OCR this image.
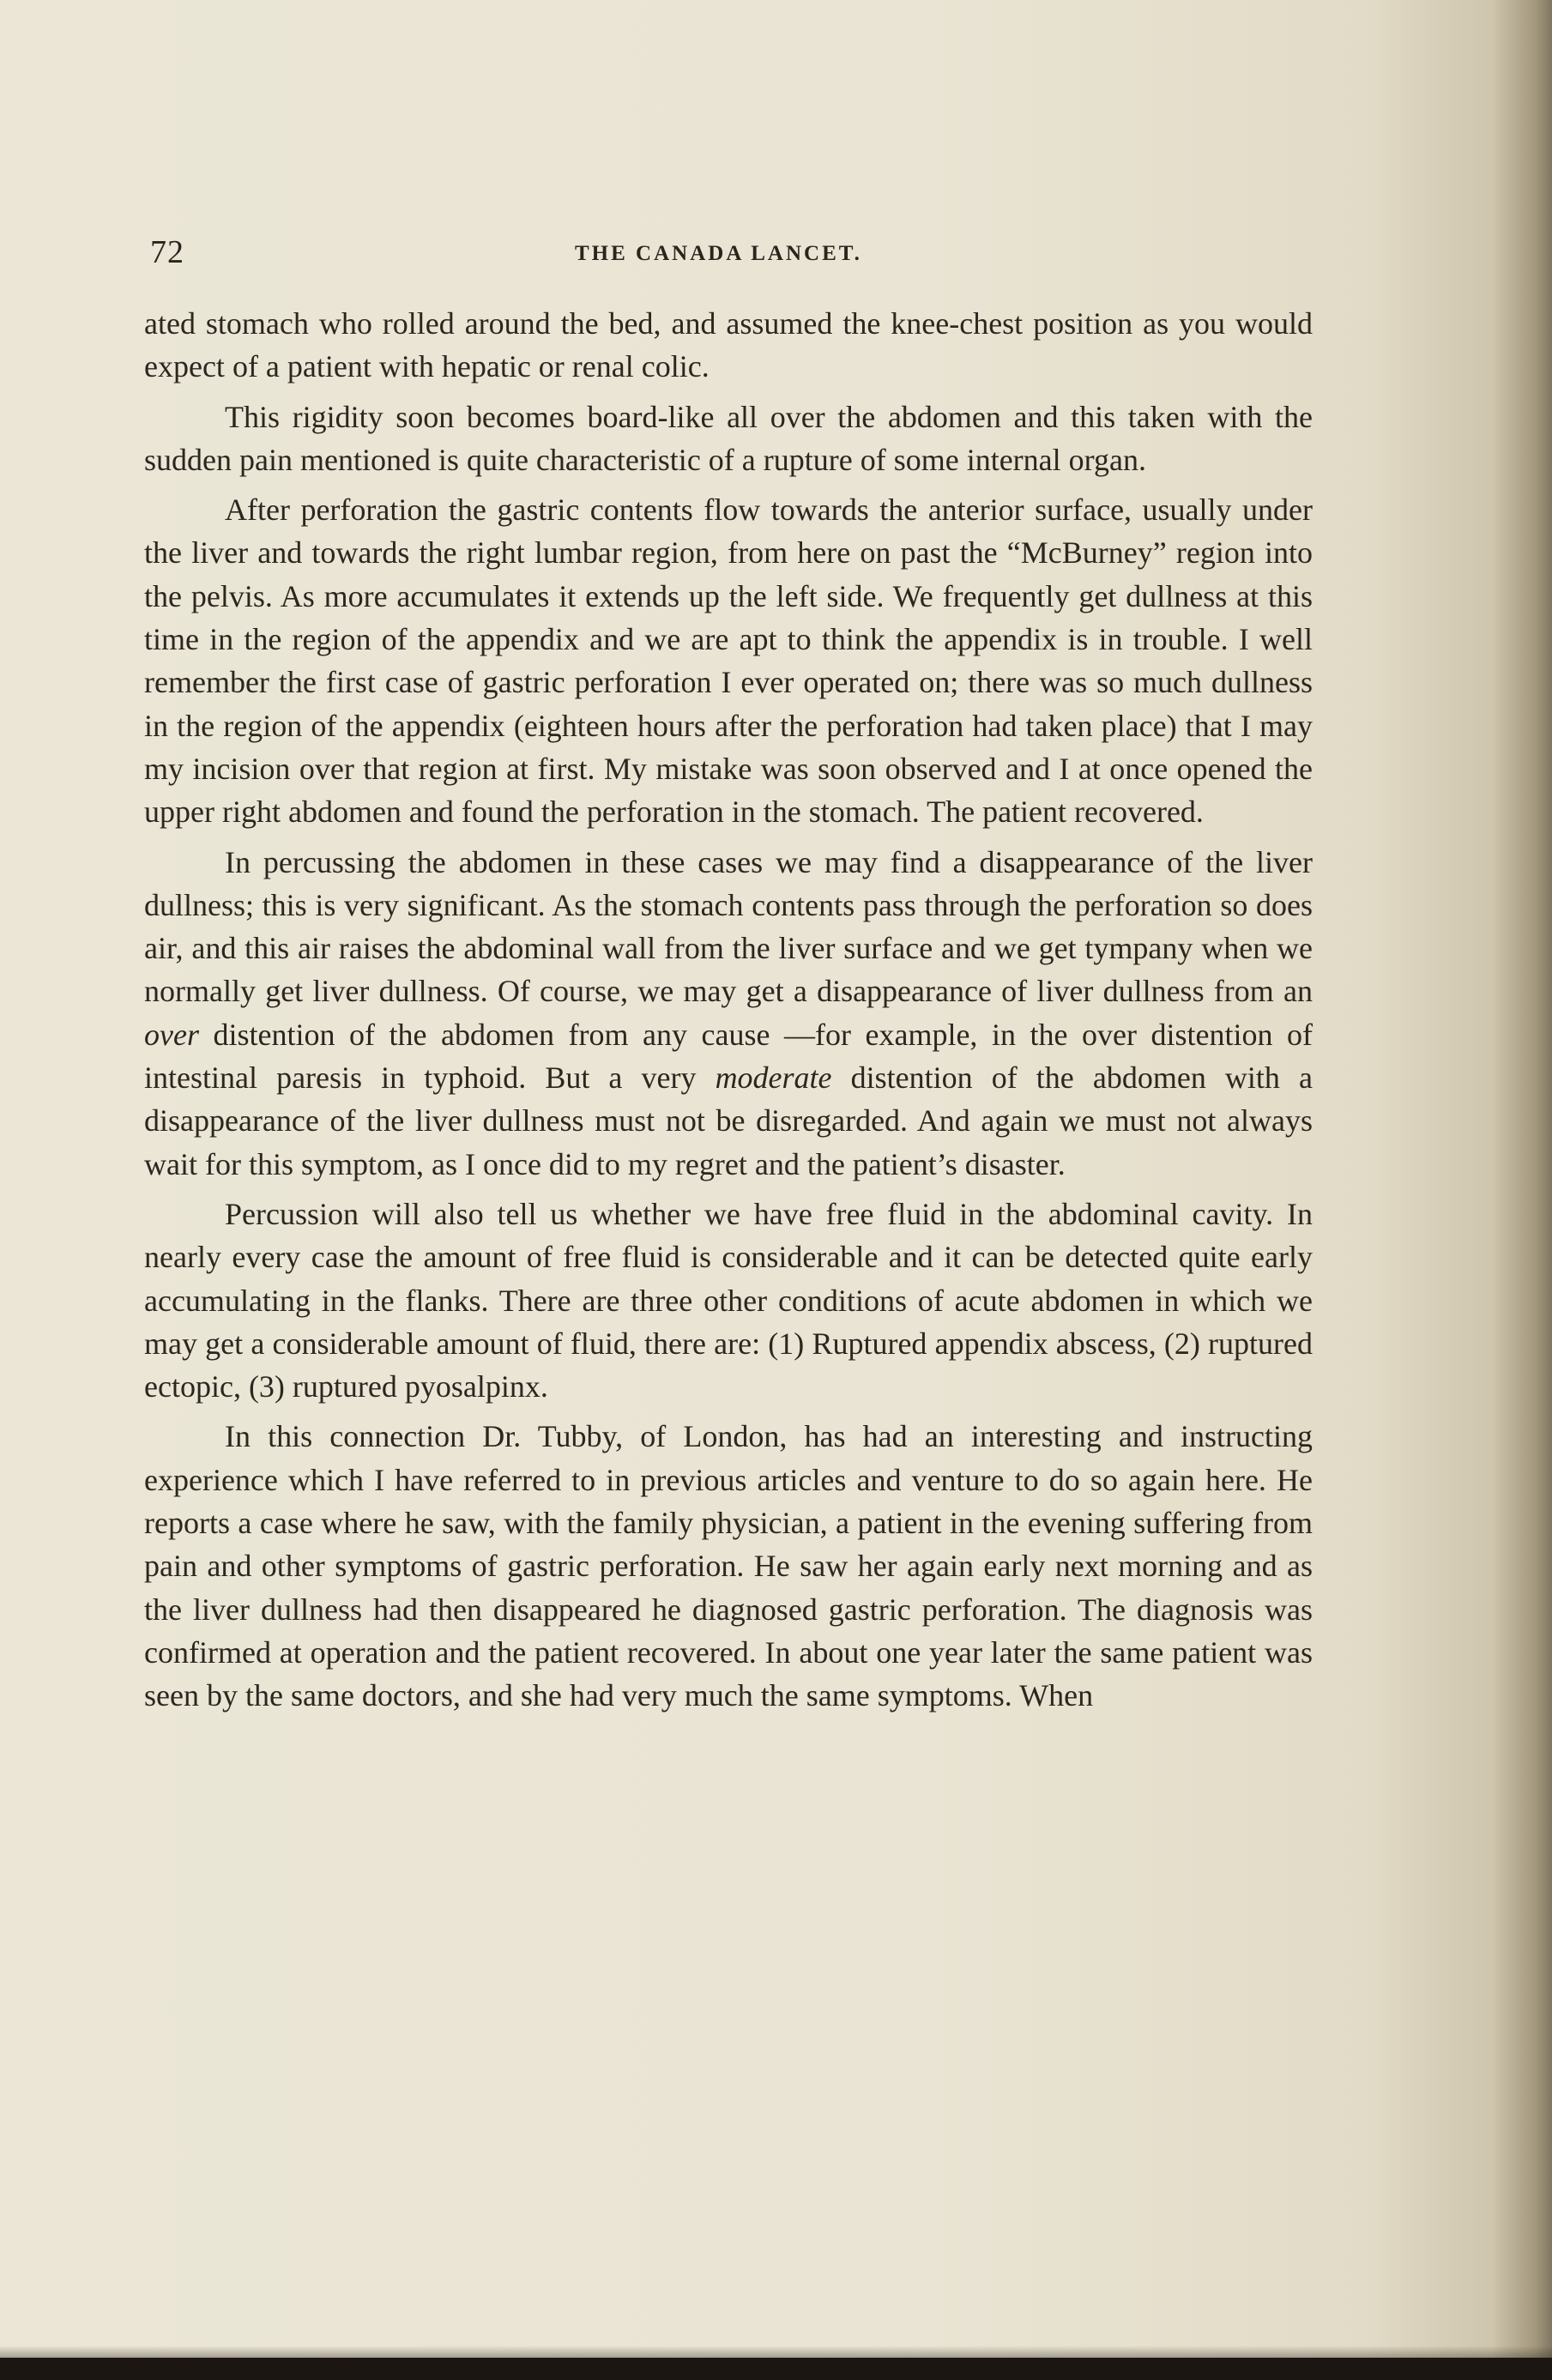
72	THE CANADA LANCET.

ated stomach who rolled around the bed, and assumed the knee-chest position as you would expect of a patient with hepatic or renal colic.

This rigidity soon becomes board-like all over the abdomen and this taken with the sudden pain mentioned is quite characteristic of a rupture of some internal organ.

After perforation the gastric contents flow towards the anterior surface, usually under the liver and towards the right lumbar region, from here on past the “McBurney” region into the pelvis. As more accumulates it extends up the left side. We frequently get dullness at this time in the region of the appendix and we are apt to think the appendix is in trouble. I well remember the first case of gastric perforation I ever operated on; there was so much dullness in the region of the appendix (eighteen hours after the perforation had taken place) that I may my incision over that region at first. My mistake was soon observed and I at once opened the upper right abdomen and found the perforation in the stomach. The patient recovered.

In percussing the abdomen in these cases we may find a disappearance of the liver dullness; this is very significant. As the stomach contents pass through the perforation so does air, and this air raises the abdominal wall from the liver surface and we get tympany when we normally get liver dullness. Of course, we may get a disappearance of liver dullness from an over distention of the abdomen from any cause —for example, in the over distention of intestinal paresis in typhoid. But a very moderate distention of the abdomen with a disappearance of the liver dullness must not be disregarded. And again we must not always wait for this symptom, as I once did to my regret and the patient’s disaster.

Percussion will also tell us whether we have free fluid in the abdominal cavity. In nearly every case the amount of free fluid is considerable and it can be detected quite early accumulating in the flanks. There are three other conditions of acute abdomen in which we may get a considerable amount of fluid, there are: (1) Ruptured appendix abscess, (2) ruptured ectopic, (3) ruptured pyosalpinx.

In this connection Dr. Tubby, of London, has had an interesting and instructing experience which I have referred to in previous articles and venture to do so again here. He reports a case where he saw, with the family physician, a patient in the evening suffering from pain and other symptoms of gastric perforation. He saw her again early next morning and as the liver dullness had then disappeared he diagnosed gastric perforation. The diagnosis was confirmed at operation and the patient recovered. In about one year later the same patient was seen by the same doctors, and she had very much the same symptoms. When
